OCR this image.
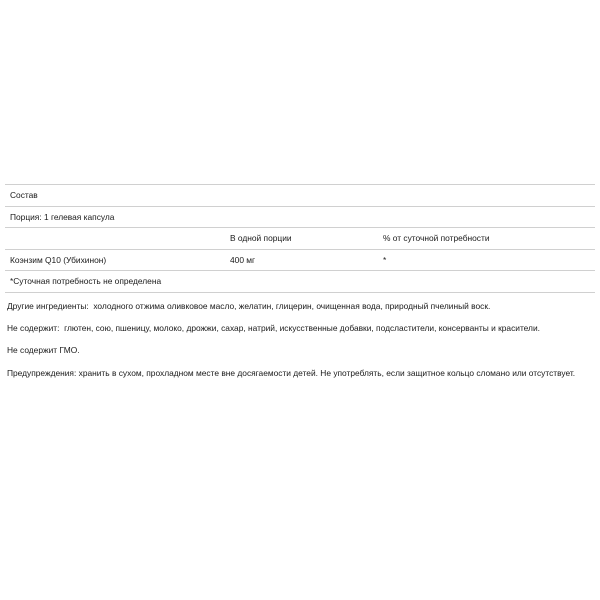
Состав		
Порция: 1 гелевая капсула		
	В одной порции	% от суточной потребности
Коэнзим Q10 (Убихинон)	400 мг	*
*Суточная потребность не определена		

Другие ингредиенты: холодного отжима оливковое масло, желатин, глицерин, очищенная вода, природный пчелиный воск.

Не содержит: глютен, сою, пшеницу, молоко, дрожжи, сахар, натрий, искусственные добавки, подсластители, консерванты и красители.

Не содержит ГМО.

Предупреждения: хранить в сухом, прохладном месте вне досягаемости детей. Не употреблять, если защитное кольцо сломано или отсутствует.
